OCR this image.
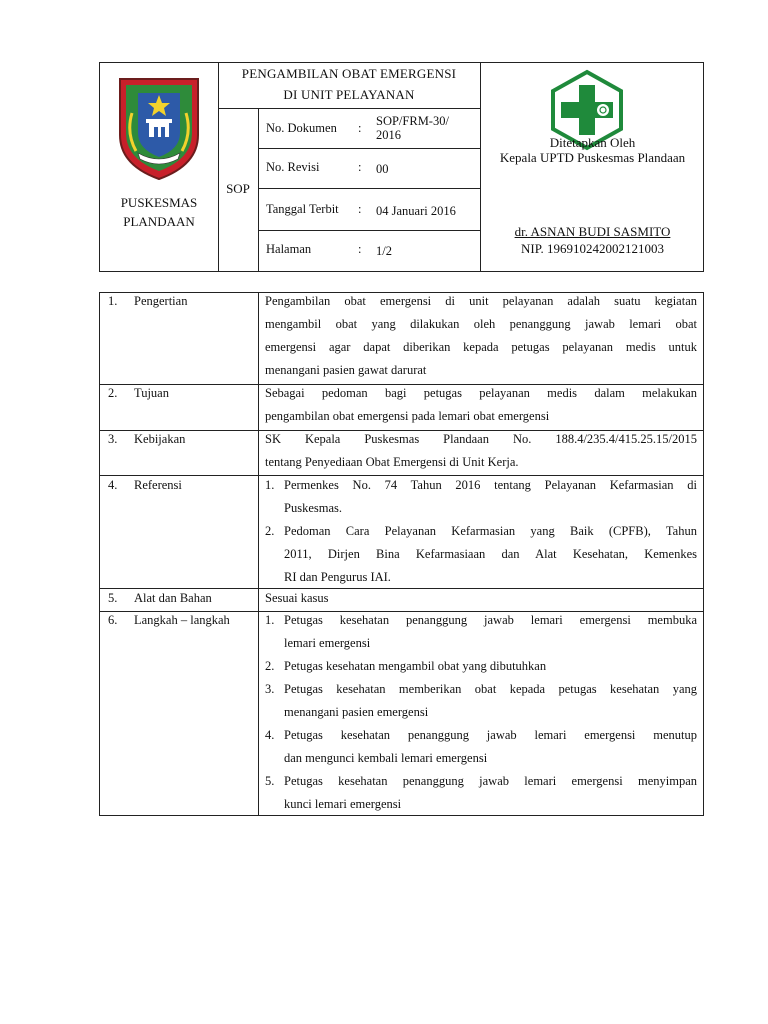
PUSKESMAS
PLANDAAN
PENGAMBILAN OBAT EMERGENSI
DI UNIT PELAYANAN
SOP
No. Dokumen : SOP/FRM-30/ 2016
No. Revisi	: 00
Tanggal Terbit : 04 Januari 2016
Halaman	: 1/2
Ditetapkan Oleh
Kepala UPTD Puskesmas Plandaan
dr. ASNAN BUDI SASMITO
NIP. 196910242002121003
1. Pengertian	Pengambilan obat emergensi di unit pelayanan adalah suatu kegiatan

mengambil obat yang dilakukan oleh penanggung jawab lemari obat

emergensi agar dapat diberikan kepada petugas pelayanan medis untuk

menangani pasien gawat darurat

2. Tujuan	Sebagai pedoman bagi petugas pelayanan medis dalam melakukan

pengambilan obat emergensi pada lemari obat emergensi

3. Kebijakan	SK Kepala Puskesmas Plandaan No. 188.4/235.4/415.25.15/2015

tentang Penyediaan Obat Emergensi di Unit Kerja.

4. Referensi	1. Permenkes No. 74 Tahun 2016 tentang Pelayanan Kefarmasian di

Puskesmas.

2. Pedoman Cara Pelayanan Kefarmasian yang Baik (CPFB), Tahun

2011, Dirjen Bina Kefarmasiaan dan Alat Kesehatan, Kemenkes

RI dan Pengurus IAI.

5. Alat dan Bahan	Sesuai kasus

6. Langkah – langkah	1. Petugas kesehatan penanggung jawab lemari emergensi membuka

lemari emergensi

2. Petugas kesehatan mengambil obat yang dibutuhkan

3. Petugas kesehatan memberikan obat kepada petugas kesehatan yang

menangani pasien emergensi

4. Petugas kesehatan penanggung jawab lemari emergensi menutup

dan mengunci kembali lemari emergensi

5. Petugas kesehatan penanggung jawab lemari emergensi menyimpan

kunci lemari emergensi
